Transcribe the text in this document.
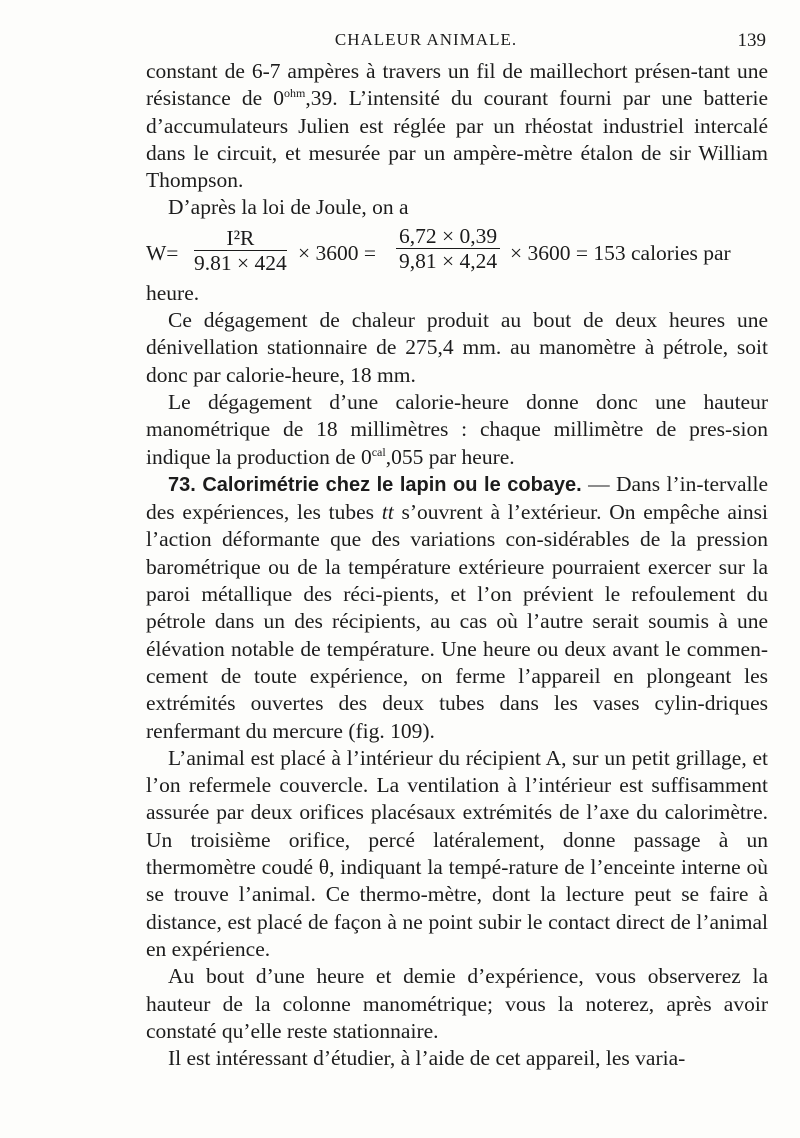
CHALEUR ANIMALE.	139

constant de 6-7 ampères à travers un fil de maillechort présen-tant une résistance de $0^{ohm},39$. L’intensité du courant fourni par une batterie d’accumulateurs Julien est réglée par un rhéostat industriel intercalé dans le circuit, et mesurée par un ampère-mètre étalon de sir William Thompson.

D’après la loi de Joule, on a

$W= \frac{\text{I²R}}{9.81 \times 424} \times 3600 = \frac{6,72 \times 0,39}{9,81 \times 4,24} \times 3600 = 153$ calories par

heure.

Ce dégagement de chaleur produit au bout de deux heures une dénivellation stationnaire de 275,4 mm. au manomètre à pétrole, soit donc par calorie-heure, 18 mm.

Le dégagement d’une calorie-heure donne donc une hauteur manométrique de 18 millimètres : chaque millimètre de pres-sion indique la production de $0^{cal},055$ par heure.

73. Calorimétrie chez le lapin ou le cobaye. — Dans l’in-tervalle des expériences, les tubes tt s’ouvrent à l’extérieur. On empêche ainsi l’action déformante que des variations con-sidérables de la pression barométrique ou de la température extérieure pourraient exercer sur la paroi métallique des réci-pients, et l’on prévient le refoulement du pétrole dans un des récipients, au cas où l’autre serait soumis à une élévation notable de température. Une heure ou deux avant le commen-cement de toute expérience, on ferme l’appareil en plongeant les extrémités ouvertes des deux tubes dans les vases cylin-driques renfermant du mercure (fig. 109).

L’animal est placé à l’intérieur du récipient A, sur un petit grillage, et l’on refermele couvercle. La ventilation à l’intérieur est suffisamment assurée par deux orifices placésaux extrémités de l’axe du calorimètre. Un troisième orifice, percé latéralement, donne passage à un thermomètre coudé θ, indiquant la tempé-rature de l’enceinte interne où se trouve l’animal. Ce thermo-mètre, dont la lecture peut se faire à distance, est placé de façon à ne point subir le contact direct de l’animal en expérience.

Au bout d’une heure et demie d’expérience, vous observerez la hauteur de la colonne manométrique; vous la noterez, après avoir constaté qu’elle reste stationnaire.

Il est intéressant d’étudier, à l’aide de cet appareil, les varia-
